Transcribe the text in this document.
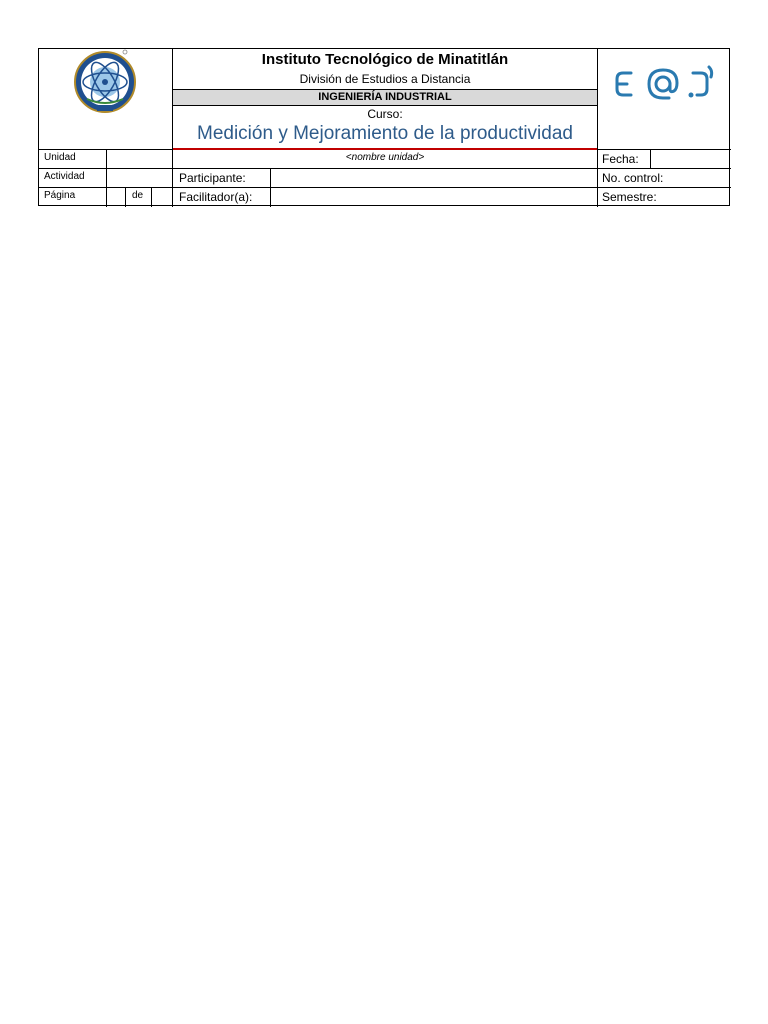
Instituto Tecnológico de Minatitlán
División de Estudios a Distancia
INGENIERÍA INDUSTRIAL
Curso:
Medición y Mejoramiento de la productividad
Unidad	<nombre unidad>	Fecha:
Actividad	Participante:	No. control:
Página	de	Facilitador(a):	Semestre:
